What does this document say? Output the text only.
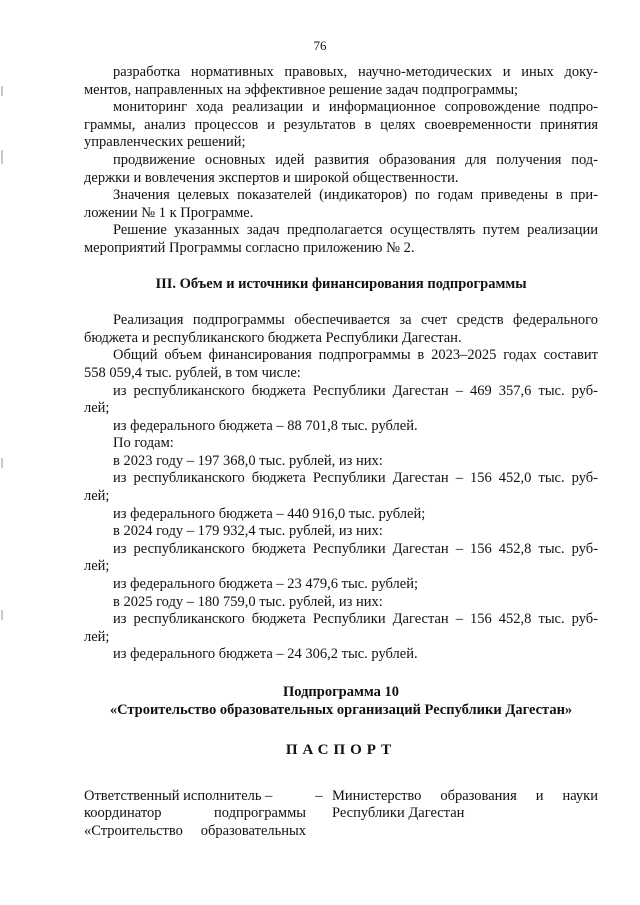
76

разработка нормативных правовых, научно-методических и иных доку-
ментов, направленных на эффективное решение задач подпрограммы;

мониторинг хода реализации и информационное сопровождение подпро-
граммы, анализ процессов и результатов в целях своевременности принятия
управленческих решений;

продвижение основных идей развития образования для получения под-
держки и вовлечения экспертов и широкой общественности.

Значения целевых показателей (индикаторов) по годам приведены в при-
ложении № 1 к Программе.

Решение указанных задач предполагается осуществлять путем реализации
мероприятий Программы согласно приложению № 2.

III. Объем и источники финансирования подпрограммы

Реализация подпрограммы обеспечивается за счет средств федерального
бюджета и республиканского бюджета Республики Дагестан.

Общий объем финансирования подпрограммы в 2023–2025 годах составит
558 059,4 тыс. рублей, в том числе:

из республиканского бюджета Республики Дагестан – 469 357,6 тыс. руб-
лей;

из федерального бюджета – 88 701,8 тыс. рублей.

По годам:

в 2023 году – 197 368,0 тыс. рублей, из них:

из республиканского бюджета Республики Дагестан – 156 452,0 тыс. руб-
лей;

из федерального бюджета – 440 916,0 тыс. рублей;

в 2024 году – 179 932,4 тыс. рублей, из них:

из республиканского бюджета Республики Дагестан – 156 452,8 тыс. руб-
лей;

из федерального бюджета – 23 479,6 тыс. рублей;

в 2025 году – 180 759,0 тыс. рублей, из них:

из республиканского бюджета Республики Дагестан – 156 452,8 тыс. руб-
лей;

из федерального бюджета – 24 306,2 тыс. рублей.

Подпрограмма 10

«Строительство образовательных организаций Республики Дагестан»

ПАСПОРТ

Ответственный исполнитель –
координатор подпрограммы
«Строительство образовательных
– Министерство образования и науки
Республики Дагестан
